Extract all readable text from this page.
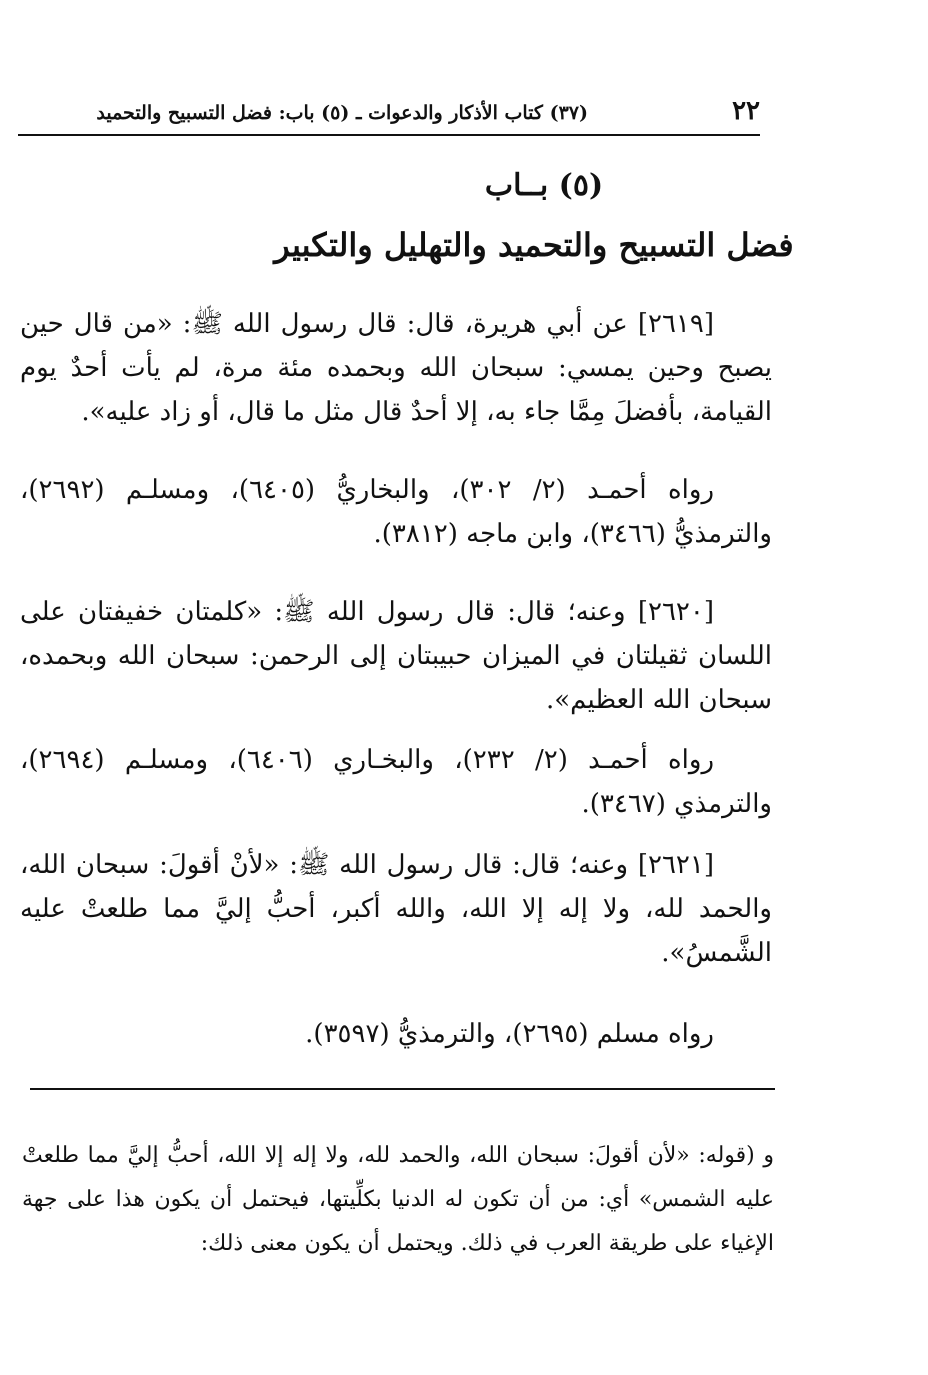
٢٢
(٣٧) كتاب الأذكار والدعوات ـ (٥) باب: فضل التسبيح والتحميد
(٥) بــاب
فضل التسبيح والتحميد والتهليل والتكبير
[٢٦١٩] عن أبي هريرة، قال: قال رسول الله ﷺ: «من قال حين يصبح وحين يمسي: سبحان الله وبحمده مئة مرة، لم يأت أحدٌ يوم القيامة، بأفضلَ مِمَّا جاء به، إلا أحدٌ قال مثل ما قال، أو زاد عليه».
رواه أحمـد (٢/ ٣٠٢)، والبخاريُّ (٦٤٠٥)، ومسلـم (٢٦٩٢)، والترمذيُّ (٣٤٦٦)، وابن ماجه (٣٨١٢).
[٢٦٢٠] وعنه؛ قال: قال رسول الله ﷺ: «كلمتان خفيفتان على اللسان ثقيلتان في الميزان حبيبتان إلى الرحمن: سبحان الله وبحمده، سبحان الله العظيم».
رواه أحمـد (٢/ ٢٣٢)، والبخـاري (٦٤٠٦)، ومسلـم (٢٦٩٤)، والترمذي (٣٤٦٧).
[٢٦٢١] وعنه؛ قال: قال رسول الله ﷺ: «لأنْ أقولَ: سبحان الله، والحمد لله، ولا إله إلا الله، والله أكبر، أحبُّ إليَّ مما طلعتْ عليه الشَّمسُ».
رواه مسلم (٢٦٩٥)، والترمذيُّ (٣٥٩٧).
و (قوله: «لأن أقولَ: سبحان الله، والحمد لله، ولا إله إلا الله، أحبُّ إليَّ مما طلعتْ عليه الشمس» أي: من أن تكون له الدنيا بكلِّيتها، فيحتمل أن يكون هذا على جهة الإغياء على طريقة العرب في ذلك. ويحتمل أن يكون معنى ذلك:
